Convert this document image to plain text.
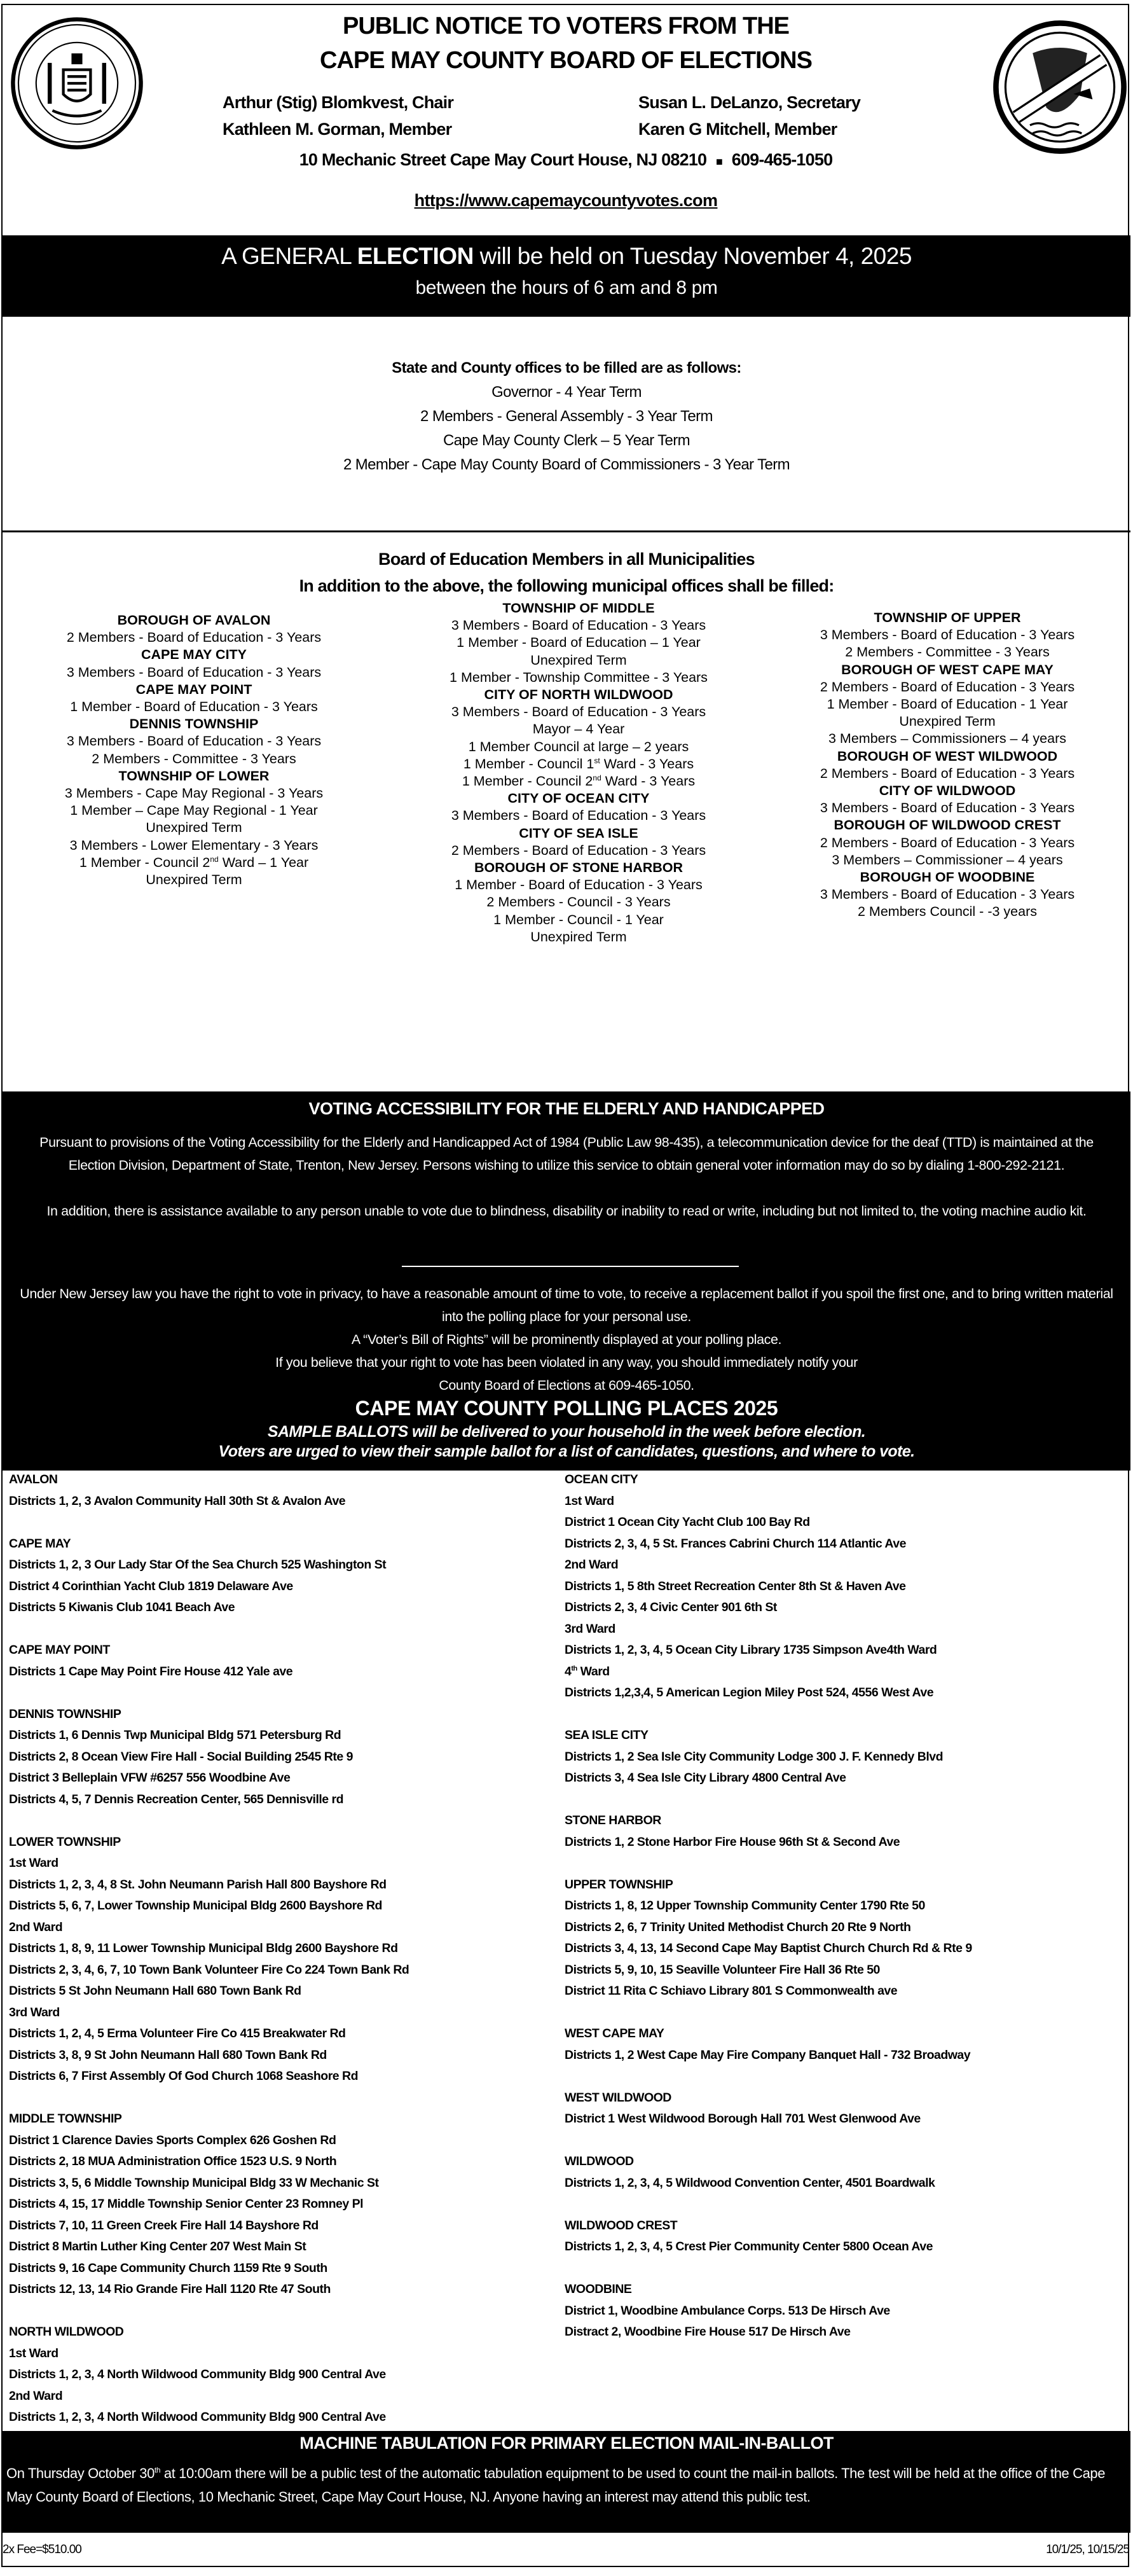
PUBLIC NOTICE TO VOTERS FROM THE
CAPE MAY COUNTY BOARD OF ELECTIONS
Arthur (Stig) Blomkvest, Chair	Susan L. DeLanzo, Secretary
Kathleen M. Gorman, Member	Karen G Mitchell, Member
10 Mechanic Street Cape May Court House, NJ 08210 ■ 609-465-1050
https://www.capemaycountyvotes.com
A GENERAL ELECTION will be held on Tuesday November 4, 2025
between the hours of 6 am and 8 pm
State and County offices to be filled are as follows:
Governor - 4 Year Term
2 Members - General Assembly - 3 Year Term
Cape May County Clerk – 5 Year Term
2 Member - Cape May County Board of Commissioners - 3 Year Term
Board of Education Members in all Municipalities
In addition to the above, the following municipal offices shall be filled:
BOROUGH OF AVALON
2 Members - Board of Education - 3 Years
CAPE MAY CITY
3 Members - Board of Education - 3 Years
CAPE MAY POINT
1 Member - Board of Education - 3 Years
DENNIS TOWNSHIP
3 Members - Board of Education - 3 Years
2 Members - Committee - 3 Years
TOWNSHIP OF LOWER
3 Members - Cape May Regional - 3 Years
1 Member – Cape May Regional - 1 Year
Unexpired Term
3 Members - Lower Elementary - 3 Years
1 Member - Council 2nd Ward – 1 Year
Unexpired Term
TOWNSHIP OF MIDDLE
3 Members - Board of Education - 3 Years
1 Member - Board of Education – 1 Year
Unexpired Term
1 Member - Township Committee - 3 Years
CITY OF NORTH WILDWOOD
3 Members - Board of Education - 3 Years
Mayor – 4 Year
1 Member Council at large – 2 years
1 Member - Council 1st Ward - 3 Years
1 Member - Council 2nd Ward - 3 Years
CITY OF OCEAN CITY
3 Members - Board of Education - 3 Years
CITY OF SEA ISLE
2 Members - Board of Education - 3 Years
BOROUGH OF STONE HARBOR
1 Member - Board of Education - 3 Years
2 Members - Council - 3 Years
1 Member - Council - 1 Year
Unexpired Term
TOWNSHIP OF UPPER
3 Members - Board of Education - 3 Years
2 Members - Committee - 3 Years
BOROUGH OF WEST CAPE MAY
2 Members - Board of Education - 3 Years
1 Member - Board of Education - 1 Year
Unexpired Term
3 Members – Commissioners – 4 years
BOROUGH OF WEST WILDWOOD
2 Members - Board of Education - 3 Years
CITY OF WILDWOOD
3 Members - Board of Education - 3 Years
BOROUGH OF WILDWOOD CREST
2 Members - Board of Education - 3 Years
3 Members – Commissioner – 4 years
BOROUGH OF WOODBINE
3 Members - Board of Education - 3 Years
2 Members Council - -3 years
VOTING ACCESSIBILITY FOR THE ELDERLY AND HANDICAPPED
Pursuant to provisions of the Voting Accessibility for the Elderly and Handicapped Act of 1984 (Public Law 98-435), a telecommunication device for the deaf (TTD) is maintained at the Election Division, Department of State, Trenton, New Jersey. Persons wishing to utilize this service to obtain general voter information may do so by dialing 1-800-292-2121.
In addition, there is assistance available to any person unable to vote due to blindness, disability or inability to read or write, including but not limited to, the voting machine audio kit.
Under New Jersey law you have the right to vote in privacy, to have a reasonable amount of time to vote, to receive a replacement ballot if you spoil the first one, and to bring written material into the polling place for your personal use.
A “Voter’s Bill of Rights” will be prominently displayed at your polling place.
If you believe that your right to vote has been violated in any way, you should immediately notify your
County Board of Elections at 609-465-1050.
CAPE MAY COUNTY POLLING PLACES 2025
SAMPLE BALLOTS will be delivered to your household in the week before election.
Voters are urged to view their sample ballot for a list of candidates, questions, and where to vote.
AVALON
Districts 1, 2, 3 Avalon Community Hall 30th St & Avalon Ave
CAPE MAY
Districts 1, 2, 3 Our Lady Star Of the Sea Church 525 Washington St
District 4 Corinthian Yacht Club 1819 Delaware Ave
Districts 5 Kiwanis Club 1041 Beach Ave
CAPE MAY POINT
Districts 1 Cape May Point Fire House 412 Yale ave
DENNIS TOWNSHIP
Districts 1, 6 Dennis Twp Municipal Bldg 571 Petersburg Rd
Districts 2, 8 Ocean View Fire Hall - Social Building 2545 Rte 9
District 3 Belleplain VFW #6257 556 Woodbine Ave
Districts 4, 5, 7 Dennis Recreation Center, 565 Dennisville rd
LOWER TOWNSHIP
1st Ward
Districts 1, 2, 3, 4, 8 St. John Neumann Parish Hall 800 Bayshore Rd
Districts 5, 6, 7, Lower Township Municipal Bldg 2600 Bayshore Rd
2nd Ward
Districts 1, 8, 9, 11 Lower Township Municipal Bldg 2600 Bayshore Rd
Districts 2, 3, 4, 6, 7, 10 Town Bank Volunteer Fire Co 224 Town Bank Rd
Districts 5 St John Neumann Hall 680 Town Bank Rd
3rd Ward
Districts 1, 2, 4, 5 Erma Volunteer Fire Co 415 Breakwater Rd
Districts 3, 8, 9 St John Neumann Hall 680 Town Bank Rd
Districts 6, 7 First Assembly Of God Church 1068 Seashore Rd
MIDDLE TOWNSHIP
District 1 Clarence Davies Sports Complex 626 Goshen Rd
Districts 2, 18 MUA Administration Office 1523 U.S. 9 North
Districts 3, 5, 6 Middle Township Municipal Bldg 33 W Mechanic St
Districts 4, 15, 17 Middle Township Senior Center 23 Romney Pl
Districts 7, 10, 11 Green Creek Fire Hall 14 Bayshore Rd
District 8 Martin Luther King Center 207 West Main St
Districts 9, 16 Cape Community Church 1159 Rte 9 South
Districts 12, 13, 14 Rio Grande Fire Hall 1120 Rte 47 South
NORTH WILDWOOD
1st Ward
Districts 1, 2, 3, 4 North Wildwood Community Bldg 900 Central Ave
2nd Ward
Districts 1, 2, 3, 4 North Wildwood Community Bldg 900 Central Ave
OCEAN CITY
1st Ward
District 1 Ocean City Yacht Club 100 Bay Rd
Districts 2, 3, 4, 5 St. Frances Cabrini Church 114 Atlantic Ave
2nd Ward
Districts 1, 5 8th Street Recreation Center 8th St & Haven Ave
Districts 2, 3, 4 Civic Center 901 6th St
3rd Ward
Districts 1, 2, 3, 4, 5 Ocean City Library 1735 Simpson Ave4th Ward
4th Ward
Districts 1,2,3,4, 5 American Legion Miley Post 524, 4556 West Ave
SEA ISLE CITY
Districts 1, 2 Sea Isle City Community Lodge 300 J. F. Kennedy Blvd
Districts 3, 4 Sea Isle City Library 4800 Central Ave
STONE HARBOR
Districts 1, 2 Stone Harbor Fire House 96th St & Second Ave
UPPER TOWNSHIP
Districts 1, 8, 12 Upper Township Community Center 1790 Rte 50
Districts 2, 6, 7 Trinity United Methodist Church 20 Rte 9 North
Districts 3, 4, 13, 14 Second Cape May Baptist Church Church Rd & Rte 9
Districts 5, 9, 10, 15 Seaville Volunteer Fire Hall 36 Rte 50
District 11 Rita C Schiavo Library 801 S Commonwealth ave
WEST CAPE MAY
Districts 1, 2 West Cape May Fire Company Banquet Hall - 732 Broadway
WEST WILDWOOD
District 1 West Wildwood Borough Hall 701 West Glenwood Ave
WILDWOOD
Districts 1, 2, 3, 4, 5 Wildwood Convention Center, 4501 Boardwalk
WILDWOOD CREST
Districts 1, 2, 3, 4, 5 Crest Pier Community Center 5800 Ocean Ave
WOODBINE
District 1, Woodbine Ambulance Corps. 513 De Hirsch Ave
Distract 2, Woodbine Fire House 517 De Hirsch Ave
MACHINE TABULATION FOR PRIMARY ELECTION MAIL-IN-BALLOT
On Thursday October 30th at 10:00am there will be a public test of the automatic tabulation equipment to be used to count the mail-in ballots. The test will be held at the office of the Cape May County Board of Elections, 10 Mechanic Street, Cape May Court House, NJ. Anyone having an interest may attend this public test.
2x Fee=$510.00	10/1/25, 10/15/25
